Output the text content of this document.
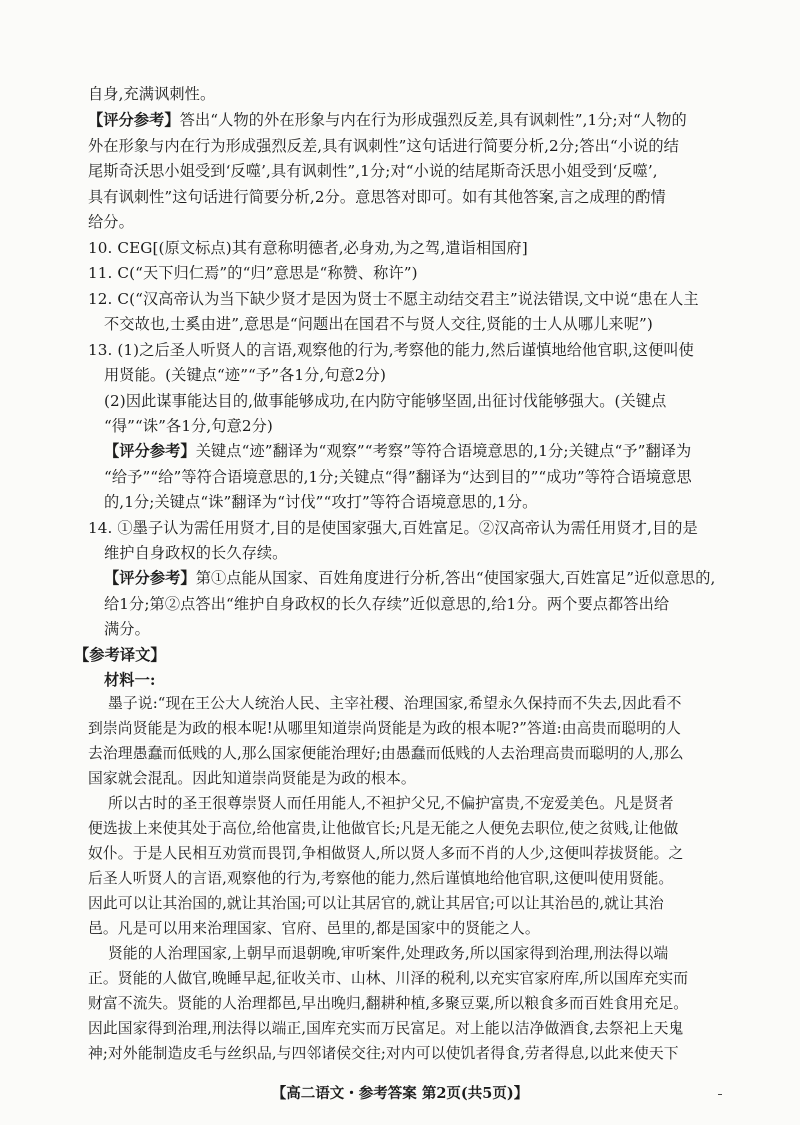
自身,充满讽刺性。
【评分参考】答出“人物的外在形象与内在行为形成强烈反差,具有讽刺性”,1分;对“人物的
外在形象与内在行为形成强烈反差,具有讽刺性”这句话进行简要分析,2分;答出“小说的结
尾斯奇沃思小姐受到‘反噬’,具有讽刺性”,1分;对“小说的结尾斯奇沃思小姐受到‘反噬’,
具有讽刺性”这句话进行简要分析,2分。意思答对即可。如有其他答案,言之成理的酌情
给分。
10. CEG[(原文标点)其有意称明德者,必身劝,为之驾,遣诣相国府]
11. C(“天下归仁焉”的“归”意思是“称赞、称许”)
12. C(“汉高帝认为当下缺少贤才是因为贤士不愿主动结交君主”说法错误,文中说“患在人主
不交故也,士奚由进”,意思是“问题出在国君不与贤人交往,贤能的士人从哪儿来呢”)
13. (1)之后圣人听贤人的言语,观察他的行为,考察他的能力,然后谨慎地给他官职,这便叫使
用贤能。(关键点“迹”“予”各1分,句意2分)
(2)因此谋事能达目的,做事能够成功,在内防守能够坚固,出征讨伐能够强大。(关键点
“得”“诛”各1分,句意2分)
【评分参考】关键点“迹”翻译为“观察”“考察”等符合语境意思的,1分;关键点“予”翻译为
“给予”“给”等符合语境意思的,1分;关键点“得”翻译为“达到目的”“成功”等符合语境意思
的,1分;关键点“诛”翻译为“讨伐”“攻打”等符合语境意思的,1分。
14. ①墨子认为需任用贤才,目的是使国家强大,百姓富足。②汉高帝认为需任用贤才,目的是
维护自身政权的长久存续。
【评分参考】第①点能从国家、百姓角度进行分析,答出“使国家强大,百姓富足”近似意思的,
给1分;第②点答出“维护自身政权的长久存续”近似意思的,给1分。两个要点都答出给
满分。
【参考译文】
材料一:
墨子说:“现在王公大人统治人民、主宰社稷、治理国家,希望永久保持而不失去,因此看不
到崇尚贤能是为政的根本呢!从哪里知道崇尚贤能是为政的根本呢?”答道:由高贵而聪明的人
去治理愚蠢而低贱的人,那么国家便能治理好;由愚蠢而低贱的人去治理高贵而聪明的人,那么
国家就会混乱。因此知道崇尚贤能是为政的根本。
所以古时的圣王很尊崇贤人而任用能人,不袒护父兄,不偏护富贵,不宠爱美色。凡是贤者
便选拔上来使其处于高位,给他富贵,让他做官长;凡是无能之人便免去职位,使之贫贱,让他做
奴仆。于是人民相互劝赏而畏罚,争相做贤人,所以贤人多而不肖的人少,这便叫荐拔贤能。之
后圣人听贤人的言语,观察他的行为,考察他的能力,然后谨慎地给他官职,这便叫使用贤能。
因此可以让其治国的,就让其治国;可以让其居官的,就让其居官;可以让其治邑的,就让其治
邑。凡是可以用来治理国家、官府、邑里的,都是国家中的贤能之人。
贤能的人治理国家,上朝早而退朝晚,审听案件,处理政务,所以国家得到治理,刑法得以端
正。贤能的人做官,晚睡早起,征收关市、山林、川泽的税利,以充实官家府库,所以国库充实而
财富不流失。贤能的人治理都邑,早出晚归,翻耕种植,多聚豆粟,所以粮食多而百姓食用充足。
因此国家得到治理,刑法得以端正,国库充实而万民富足。对上能以洁净做酒食,去祭祀上天鬼
神;对外能制造皮毛与丝织品,与四邻诸侯交往;对内可以使饥者得食,劳者得息,以此来使天下
【高二语文・参考答案 第2页(共5页)】
